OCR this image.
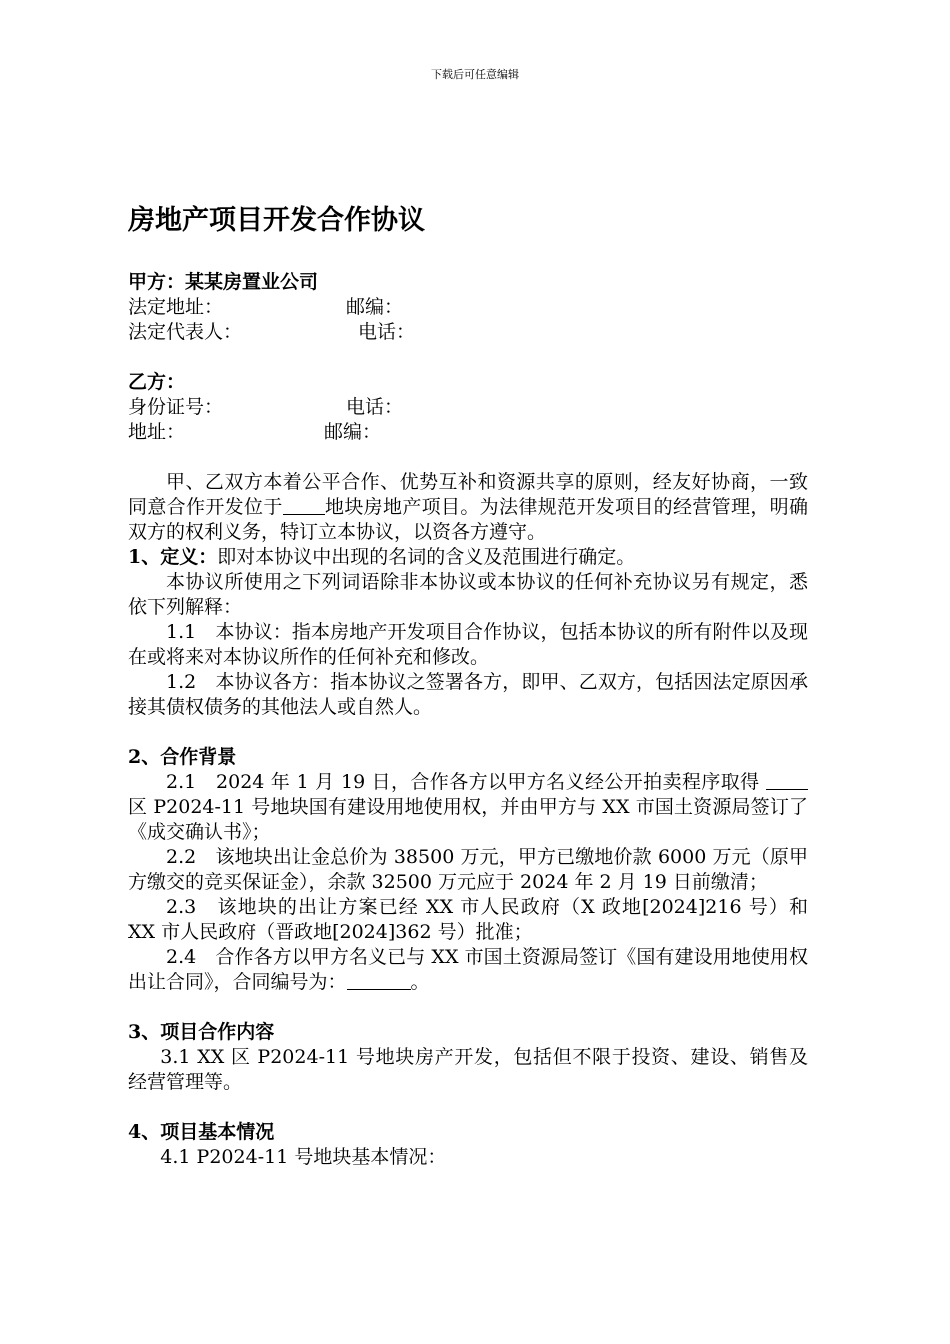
下载后可任意编辑
房地产项目开发合作协议

甲方：某某房置业公司

法定地址：	邮编：

法定代表人：	电话：

乙方：

身份证号：	电话：

地址：	邮编：

甲、乙双方本着公平合作、优势互补和资源共享的原则，经友好协商，一致同意合作开发位于 地块房地产项目。为法律规范开发项目的经营管理，明确双方的权利义务，特订立本协议，以资各方遵守。

1、定义：即对本协议中出现的名词的含义及范围进行确定。

本协议所使用之下列词语除非本协议或本协议的任何补充协议另有规定，悉依下列解释：

1.1　本协议：指本房地产开发项目合作协议，包括本协议的所有附件以及现在或将来对本协议所作的任何补充和修改。

1.2　本协议各方：指本协议之签署各方，即甲、乙双方，包括因法定原因承接其债权债务的其他法人或自然人。

2、合作背景

2.1　2024 年 1 月 19 日，合作各方以甲方名义经公开拍卖程序取得 区 P2024-11 号地块国有建设用地使用权，并由甲方与 XX 市国土资源局签订了《成交确认书》；

2.2　该地块出让金总价为 38500 万元，甲方已缴地价款 6000 万元（原甲方缴交的竞买保证金），余款 32500 万元应于 2024 年 2 月 19 日前缴清；

2.3　该地块的出让方案已经 XX 市人民政府（X 政地[2024]216 号）和 XX 市人民政府（晋政地[2024]362 号）批准；

2.4　合作各方以甲方名义已与 XX 市国土资源局签订《国有建设用地使用权出让合同》，合同编号为：	。

3、项目合作内容

3.1 XX 区 P2024-11 号地块房产开发，包括但不限于投资、建设、销售及经营管理等。

4、项目基本情况

4.1 P2024-11 号地块基本情况：
